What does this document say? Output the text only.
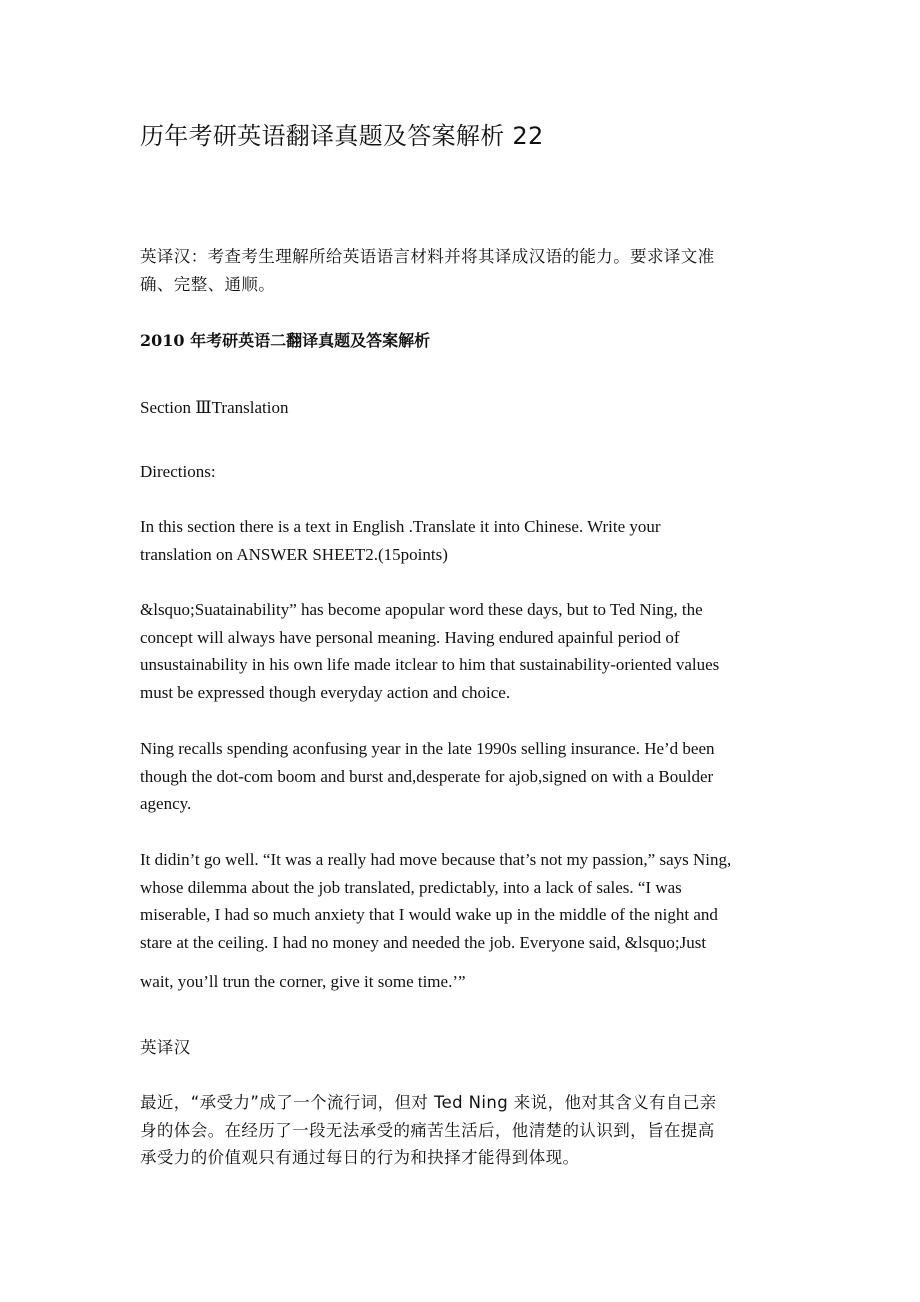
历年考研英语翻译真题及答案解析 22
英译汉：考查考生理解所给英语语言材料并将其译成汉语的能力。要求译文准
确、完整、通顺。
2010 年考研英语二翻译真题及答案解析
Section ⅢTranslation
Directions:
In this section there is a text in English .Translate it into Chinese. Write your
translation on ANSWER SHEET2.(15points)
&lsquo;Suatainability” has become apopular word these days, but to Ted Ning, the
concept will always have personal meaning. Having endured apainful period of
unsustainability in his own life made itclear to him that sustainability-oriented values
must be expressed though everyday action and choice.
Ning recalls spending aconfusing year in the late 1990s selling insurance. He’d been
though the dot-com boom and burst and,desperate for ajob,signed on with a Boulder
agency.
It didin’t go well. “It was a really had move because that’s not my passion,” says Ning,
whose dilemma about the job translated, predictably, into a lack of sales. “I was
miserable, I had so much anxiety that I would wake up in the middle of the night and
stare at the ceiling. I had no money and needed the job. Everyone said, &lsquo;Just
wait, you’ll trun the corner, give it some time.’”
英译汉
最近，“承受力”成了一个流行词，但对 Ted Ning 来说，他对其含义有自己亲
身的体会。在经历了一段无法承受的痛苦生活后，他清楚的认识到，旨在提高
承受力的价值观只有通过每日的行为和抉择才能得到体现。
